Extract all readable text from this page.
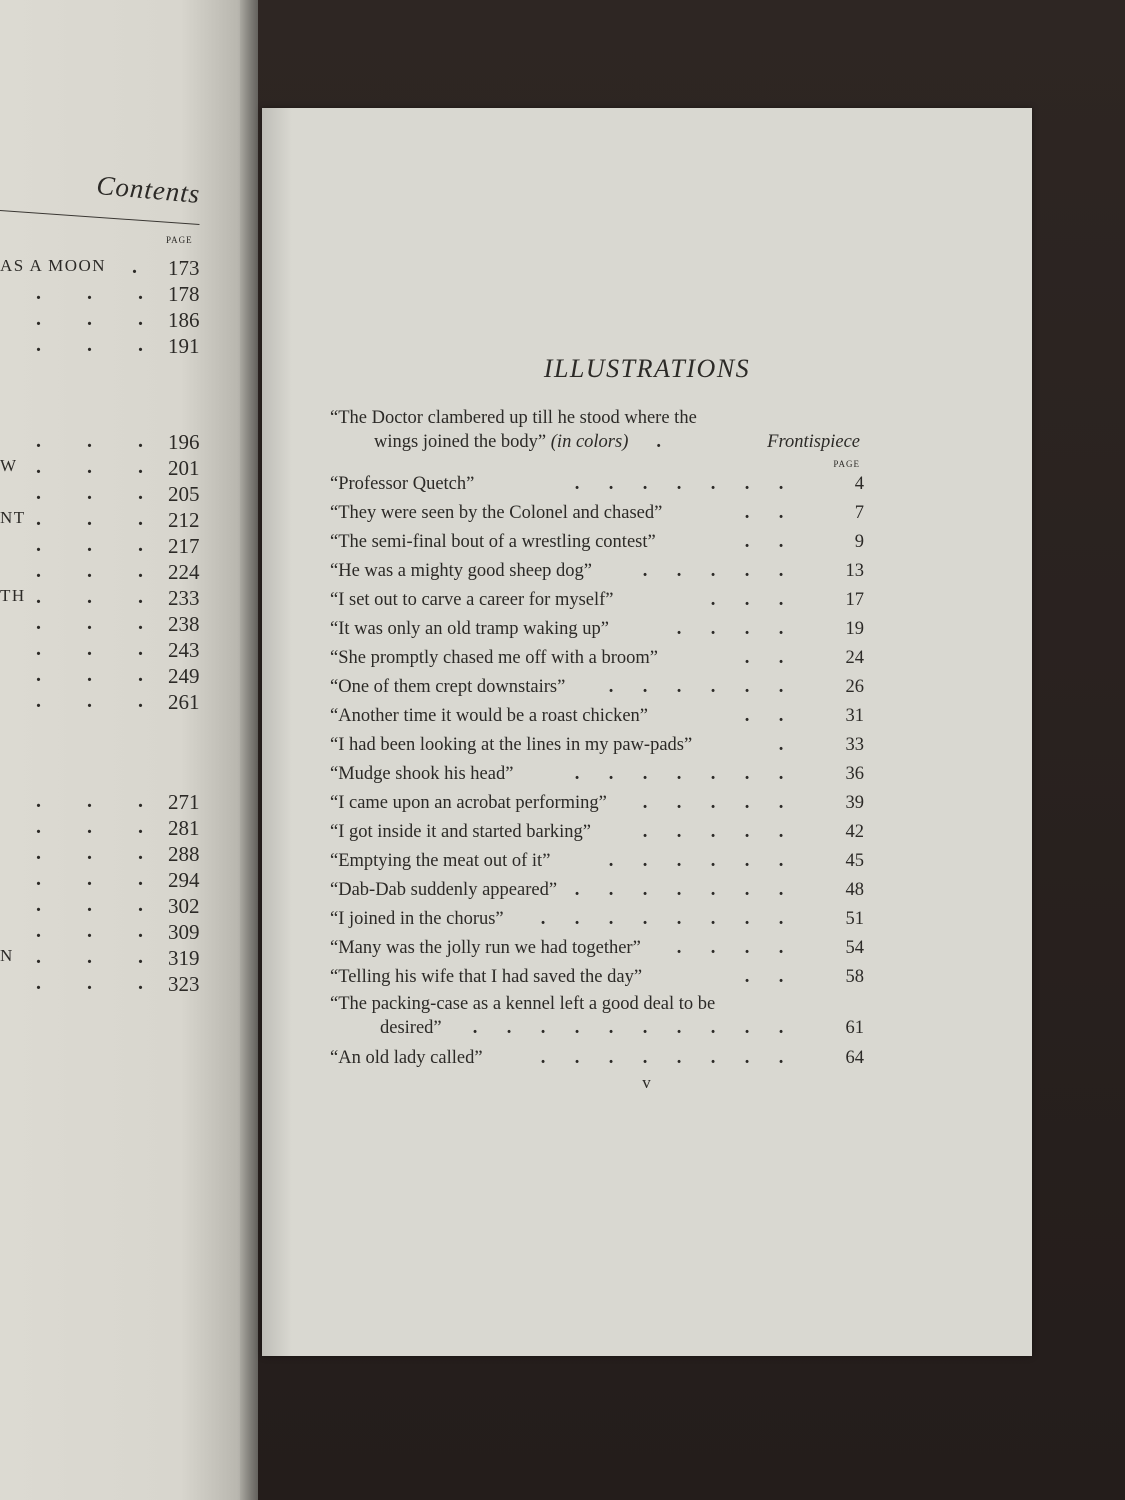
Contents
PAGE
AS A MOON .	173
. . .	178
. . .	186
. . .	191
. . .	196
W . . .	201
. . .	205
NT . . .	212
. . .	217
. . .	224
TH . . .	233
. . .	238
. . .	243
. . .	249
. . .	261
. . .	271
. . .	281
. . .	288
. . .	294
. . .	302
. . .	309
N . . .	319
. . .	323
ILLUSTRATIONS
“The Doctor clambered up till he stood where the
wings joined the body” (in colors) .	Frontispiece
PAGE
“Professor Quetch”	. . . . . . .	4
“They were seen by the Colonel and chased”	. .	7
“The semi-final bout of a wrestling contest”	. .	9
“He was a mighty good sheep dog”	. . . . .	13
“I set out to carve a career for myself”	. . .	17
“It was only an old tramp waking up”	. . . .	19
“She promptly chased me off with a broom”	. .	24
“One of them crept downstairs”	. . . . . .	26
“Another time it would be a roast chicken”	. .	31
“I had been looking at the lines in my paw-pads”	.	33
“Mudge shook his head”	. . . . . . .	36
“I came upon an acrobat performing”	. . . . .	39
“I got inside it and started barking”	. . . . .	42
“Emptying the meat out of it”	. . . . . .	45
“Dab-Dab suddenly appeared” . . . . . . .	48
“I joined in the chorus”	. . . . . . . .	51
“Many was the jolly run we had together”	. . . .	54
“Telling his wife that I had saved the day”	. .	58
“The packing-case as a kennel left a good deal to be
desired”	. . . . . . . . . .	61
“An old lady called”	. . . . . . . .	64
v
